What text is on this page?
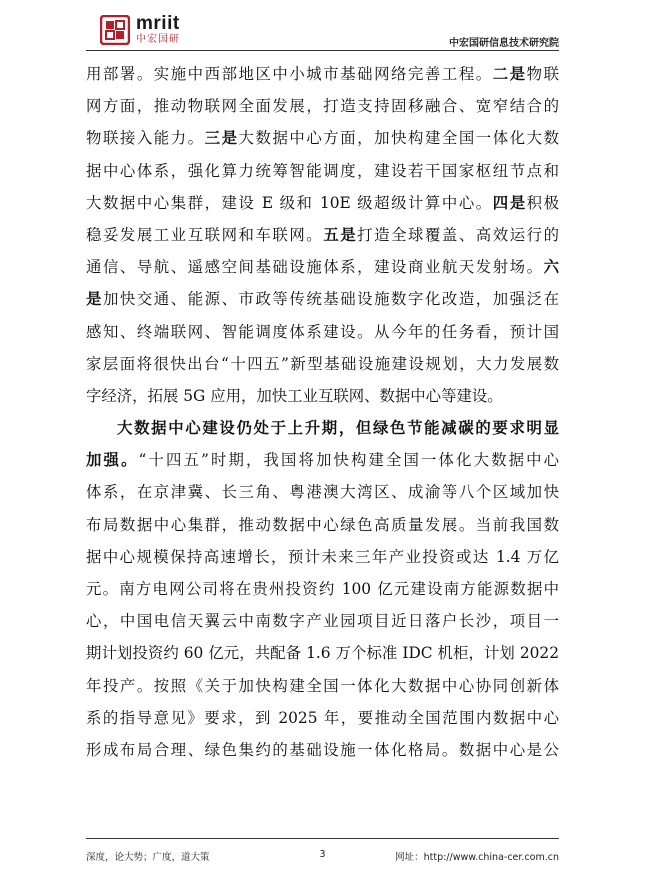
mriit
中宏国研	中宏国研信息技术研究院
用部署。实施中西部地区中小城市基础网络完善工程。二是物联
网方面，推动物联网全面发展，打造支持固移融合、宽窄结合的
物联接入能力。三是大数据中心方面，加快构建全国一体化大数
据中心体系，强化算力统筹智能调度，建设若干国家枢纽节点和
大数据中心集群，建设 E 级和 10E 级超级计算中心。四是积极
稳妥发展工业互联网和车联网。五是打造全球覆盖、高效运行的
通信、导航、遥感空间基础设施体系，建设商业航天发射场。六
是加快交通、能源、市政等传统基础设施数字化改造，加强泛在
感知、终端联网、智能调度体系建设。从今年的任务看，预计国
家层面将很快出台“十四五”新型基础设施建设规划，大力发展数
字经济，拓展 5G 应用，加快工业互联网、数据中心等建设。
大数据中心建设仍处于上升期，但绿色节能减碳的要求明显
加强。“十四五”时期，我国将加快构建全国一体化大数据中心
体系，在京津冀、长三角、粤港澳大湾区、成渝等八个区域加快
布局数据中心集群，推动数据中心绿色高质量发展。当前我国数
据中心规模保持高速增长，预计未来三年产业投资或达 1.4 万亿
元。南方电网公司将在贵州投资约 100 亿元建设南方能源数据中
心，中国电信天翼云中南数字产业园项目近日落户长沙，项目一
期计划投资约 60 亿元，共配备 1.6 万个标准 IDC 机柜，计划 2022
年投产。按照《关于加快构建全国一体化大数据中心协同创新体
系的指导意见》要求，到 2025 年，要推动全国范围内数据中心
形成布局合理、绿色集约的基础设施一体化格局。数据中心是公
深度，论大势；广度，道大策	3	网址：http://www.china-cer.com.cn
